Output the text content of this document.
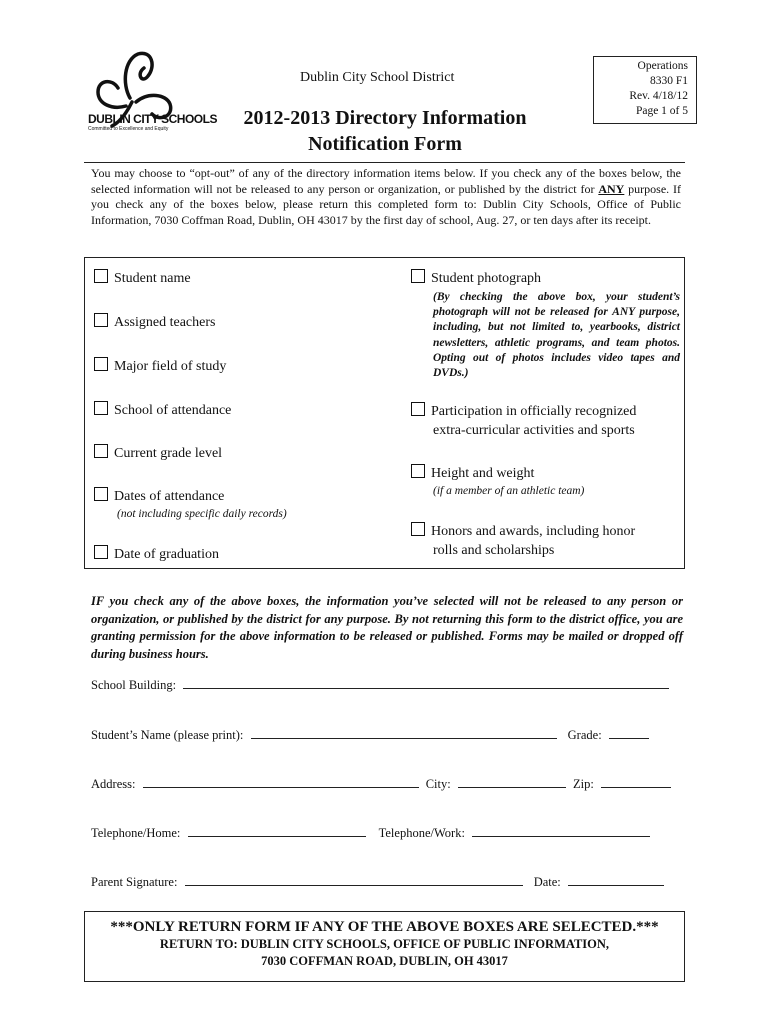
DUBLIN CITY SCHOOLS
Committed to Excellence and Equity
Dublin City School District
2012-2013 Directory Information
Notification Form
Operations
8330 F1
Rev. 4/18/12
Page 1 of 5
You may choose to “opt-out” of any of the directory information items below. If you check any of the boxes below, the selected information will not be released to any person or organization, or published by the district for ANY purpose. If you check any of the boxes below, please return this completed form to: Dublin City Schools, Office of Public Information, 7030 Coffman Road, Dublin, OH 43017 by the first day of school, Aug. 27, or ten days after its receipt.
Student name
Assigned teachers
Major field of study
School of attendance
Current grade level
Dates of attendance
(not including specific daily records)
Date of graduation
Student photograph
(By checking the above box, your student’s photograph will not be released for ANY purpose, including, but not limited to, yearbooks, district newsletters, athletic programs, and team photos. Opting out of photos includes video tapes and DVDs.)
Participation in officially recognized
extra-curricular activities and sports
Height and weight
(if a member of an athletic team)
Honors and awards, including honor
rolls and scholarships
IF you check any of the above boxes, the information you’ve selected will not be released to any person or organization, or published by the district for any purpose. By not returning this form to the district office, you are granting permission for the above information to be released or published. Forms may be mailed or dropped off during business hours.
School Building:
Student’s Name (please print):	Grade:
Address:	City:	Zip:
Telephone/Home:	Telephone/Work:
Parent Signature:	Date:
***ONLY RETURN FORM IF ANY OF THE ABOVE BOXES ARE SELECTED.***
RETURN TO: DUBLIN CITY SCHOOLS, OFFICE OF PUBLIC INFORMATION,
7030 COFFMAN ROAD, DUBLIN, OH 43017
